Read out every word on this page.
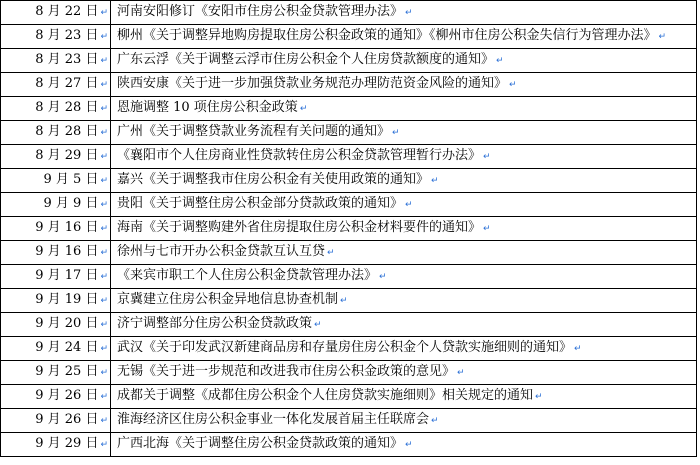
8 月 22 日 ↵	河南安阳修订《安阳市住房公积金贷款管理办法》 ↵
8 月 23 日 ↵	柳州《关于调整异地购房提取住房公积金政策的通知》《柳州市住房公积金失信行为管理办法》 ↵
8 月 23 日 ↵	广东云浮《关于调整云浮市住房公积金个人住房贷款额度的通知》 ↵
8 月 27 日 ↵	陕西安康《关于进一步加强贷款业务规范办理防范资金风险的通知》 ↵
8 月 28 日 ↵	恩施调整 10 项住房公积金政策 ↵
8 月 28 日 ↵	广州《关于调整贷款业务流程有关问题的通知》 ↵
8 月 29 日 ↵	《襄阳市个人住房商业性贷款转住房公积金贷款管理暂行办法》 ↵
9 月 5 日 ↵	嘉兴《关于调整我市住房公积金有关使用政策的通知》 ↵
9 月 9 日 ↵	贵阳《关于调整住房公积金部分贷款政策的通知》 ↵
9 月 16 日 ↵	海南《关于调整购建外省住房提取住房公积金材料要件的通知》 ↵
9 月 16 日 ↵	徐州与七市开办公积金贷款互认互贷 ↵
9 月 17 日 ↵	《来宾市职工个人住房公积金贷款管理办法》 ↵
9 月 19 日 ↵	京冀建立住房公积金异地信息协查机制 ↵
9 月 20 日 ↵	济宁调整部分住房公积金贷款政策 ↵
9 月 24 日 ↵	武汉《关于印发武汉新建商品房和存量房住房公积金个人贷款实施细则的通知》 ↵
9 月 25 日 ↵	无锡《关于进一步规范和改进我市住房公积金政策的意见》 ↵
9 月 26 日 ↵	成都关于调整《成都住房公积金个人住房贷款实施细则》相关规定的通知 ↵
9 月 26 日 ↵	淮海经济区住房公积金事业一体化发展首届主任联席会 ↵
9 月 29 日 ↵	广西北海《关于调整住房公积金贷款政策的通知》 ↵
